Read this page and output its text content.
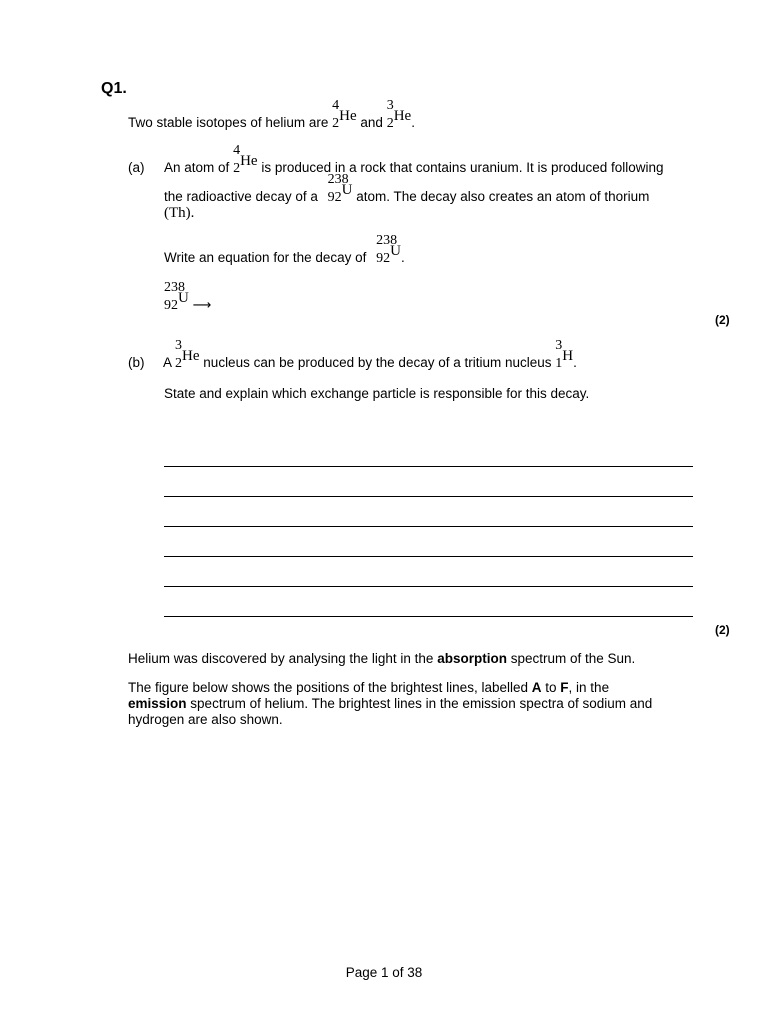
Q1.
Two stable isotopes of helium are
4
2He and
3
2He.
(a) An atom of
4
2He is produced in a rock that contains uranium. It is produced following
the radioactive decay of a
238
92U atom. The decay also creates an atom of thorium
(Th).
Write an equation for the decay of
238
92U.
238
92U ⟶
(2)
(b) A
3
2He nucleus can be produced by the decay of a tritium nucleus
3
1H.
State and explain which exchange particle is responsible for this decay.
(2)
Helium was discovered by analysing the light in the absorption spectrum of the Sun.
The figure below shows the positions of the brightest lines, labelled A to F, in the
emission spectrum of helium. The brightest lines in the emission spectra of sodium and hydrogen are also shown.
Page 1 of 38
